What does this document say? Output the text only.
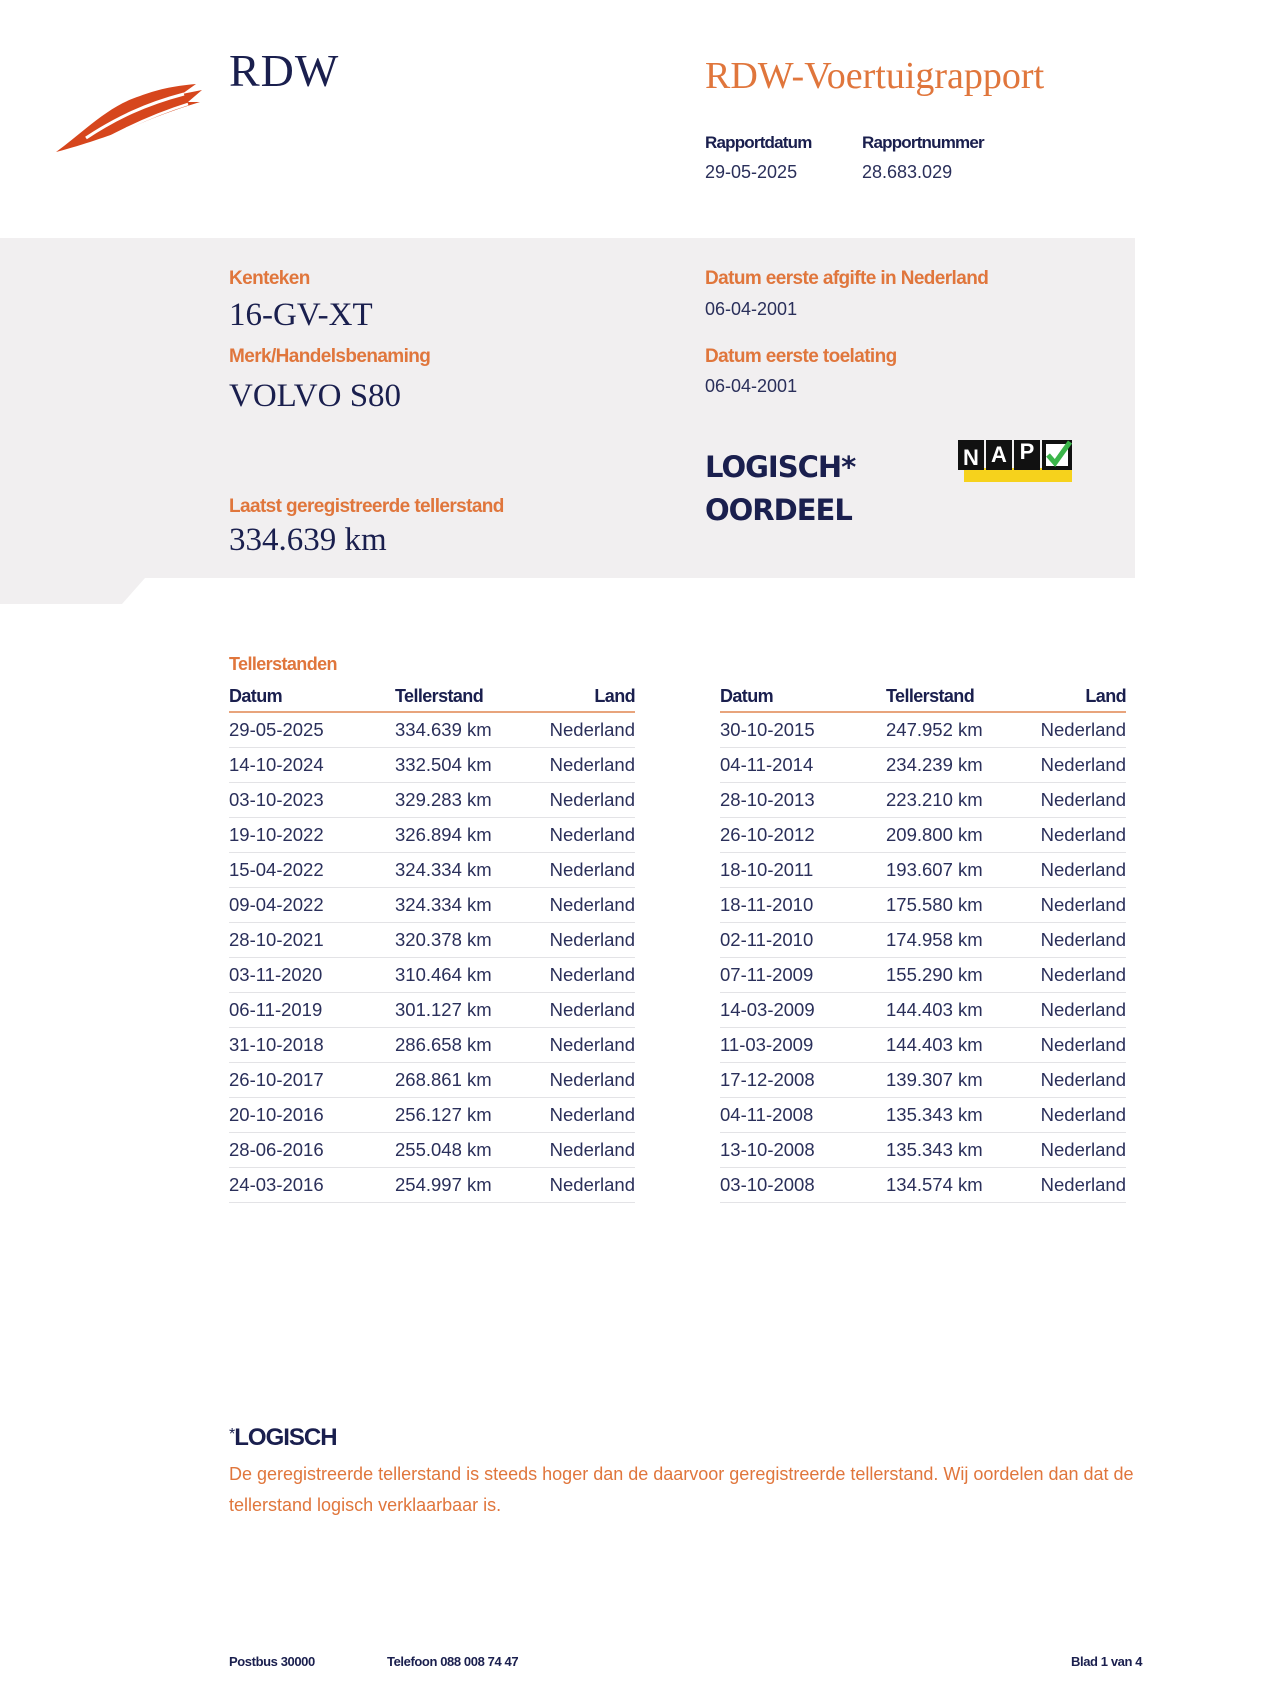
RDW	RDW-Voertuigrapport
Rapportdatum
29-05-2025
Rapportnummer
28.683.029
Kenteken
16-GV-XT
Merk/Handelsbenaming
VOLVO S80
Laatst geregistreerde tellerstand
334.639 km
Datum eerste afgifte in Nederland
06-04-2001
Datum eerste toelating
06-04-2001
LOGISCH*
OORDEEL
N A P
Tellerstanden
Datum	Tellerstand	Land
29-05-2025	334.639 km	Nederland
14-10-2024	332.504 km	Nederland
03-10-2023	329.283 km	Nederland
19-10-2022	326.894 km	Nederland
15-04-2022	324.334 km	Nederland
09-04-2022	324.334 km	Nederland
28-10-2021	320.378 km	Nederland
03-11-2020	310.464 km	Nederland
06-11-2019	301.127 km	Nederland
31-10-2018	286.658 km	Nederland
26-10-2017	268.861 km	Nederland
20-10-2016	256.127 km	Nederland
28-06-2016	255.048 km	Nederland
24-03-2016	254.997 km	Nederland
Datum	Tellerstand	Land
30-10-2015	247.952 km	Nederland
04-11-2014	234.239 km	Nederland
28-10-2013	223.210 km	Nederland
26-10-2012	209.800 km	Nederland
18-10-2011	193.607 km	Nederland
18-11-2010	175.580 km	Nederland
02-11-2010	174.958 km	Nederland
07-11-2009	155.290 km	Nederland
14-03-2009	144.403 km	Nederland
11-03-2009	144.403 km	Nederland
17-12-2008	139.307 km	Nederland
04-11-2008	135.343 km	Nederland
13-10-2008	135.343 km	Nederland
03-10-2008	134.574 km	Nederland
*LOGISCH
De geregistreerde tellerstand is steeds hoger dan de daarvoor geregistreerde tellerstand. Wij oordelen dan dat de tellerstand logisch verklaarbaar is.
Postbus 30000	Telefoon 088 008 74 47	Blad 1 van 4
